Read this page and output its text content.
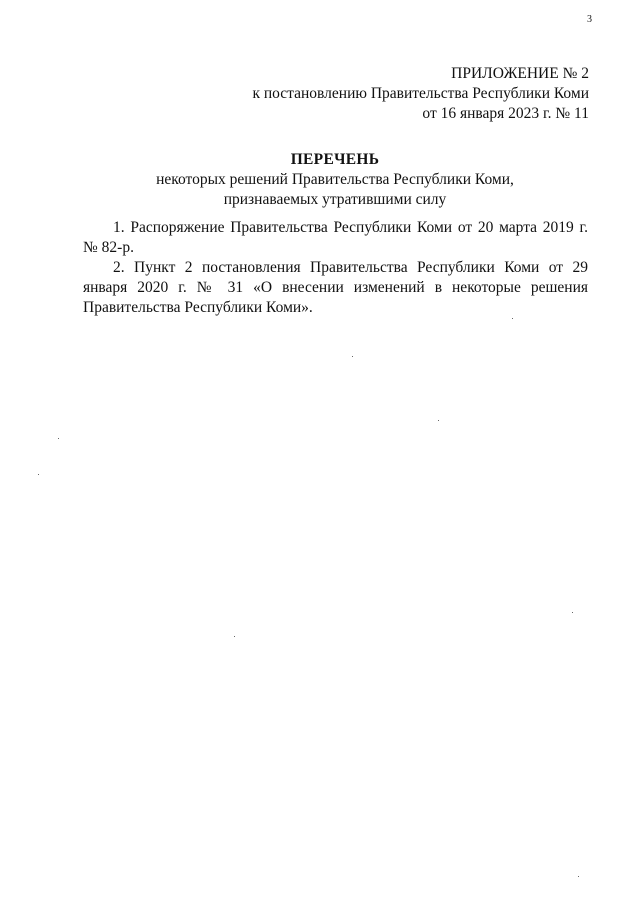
3
ПРИЛОЖЕНИЕ № 2
к постановлению Правительства Республики Коми
от 16 января 2023 г. № 11
ПЕРЕЧЕНЬ
некоторых решений Правительства Республики Коми,
признаваемых утратившими силу

1. Распоряжение Правительства Республики Коми от 20 марта 2019 г. № 82-р.

2. Пункт 2 постановления Правительства Республики Коми от 29 января 2020 г. № 31 «О внесении изменений в некоторые решения Правительства Республики Коми».
